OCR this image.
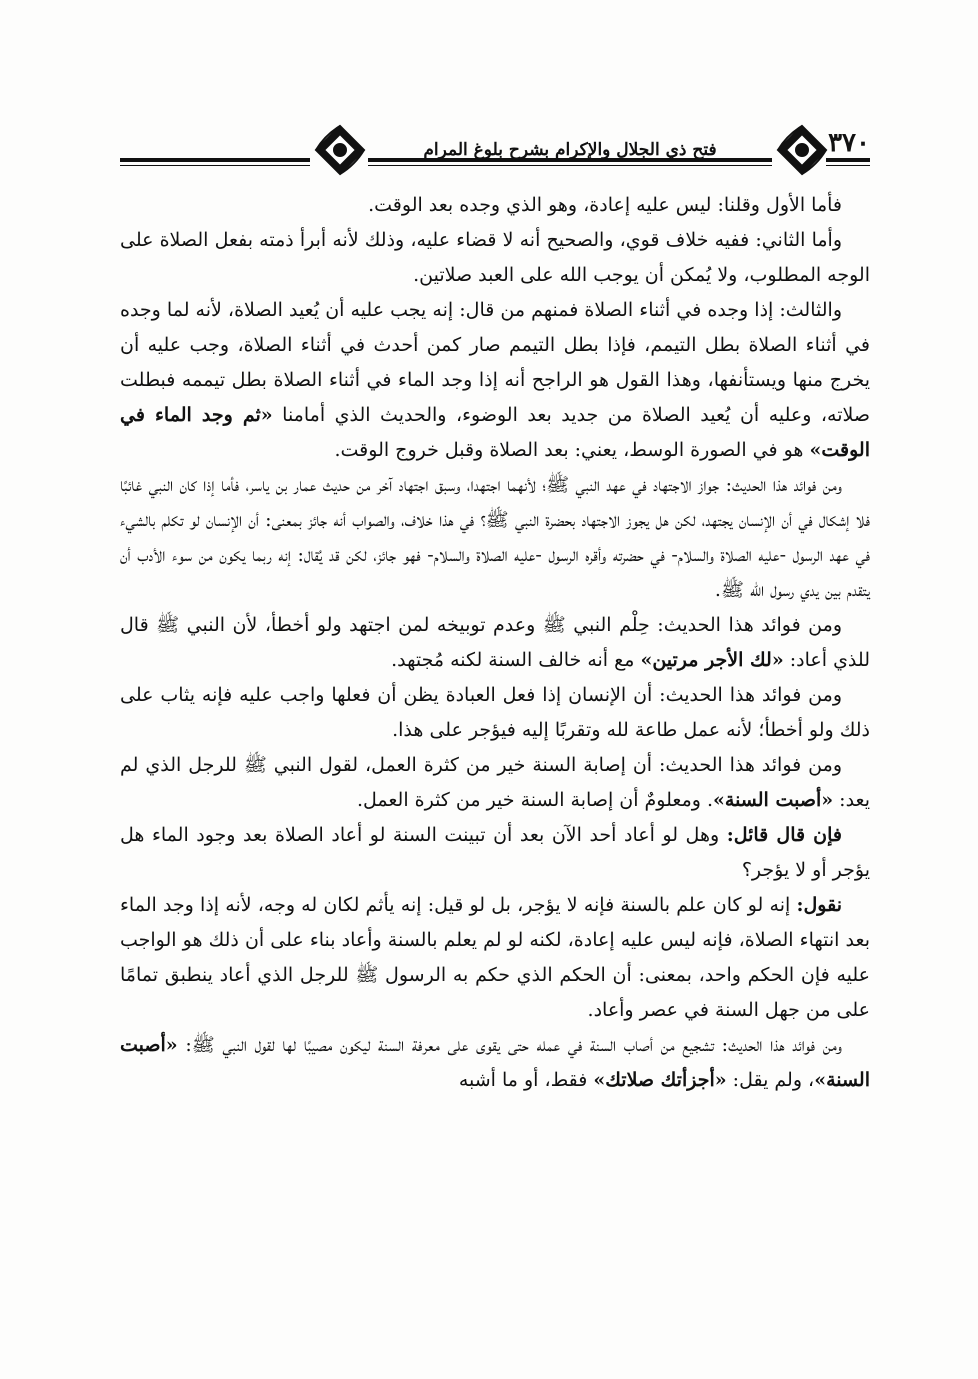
٣٧٠
فتح ذي الجلال والإكرام بشرح بلوغ المرام

فأما الأول وقلنا: ليس عليه إعادة، وهو الذي وجده بعد الوقت.

وأما الثاني: ففيه خلاف قوي، والصحيح أنه لا قضاء عليه، وذلك لأنه أبرأ ذمته بفعل الصلاة على الوجه المطلوب، ولا يُمكن أن يوجب الله على العبد صلاتين.

والثالث: إذا وجده في أثناء الصلاة فمنهم من قال: إنه يجب عليه أن يُعيد الصلاة، لأنه لما وجده في أثناء الصلاة بطل التيمم، فإذا بطل التيمم صار كمن أحدث في أثناء الصلاة، وجب عليه أن يخرج منها ويستأنفها، وهذا القول هو الراجح أنه إذا وجد الماء في أثناء الصلاة بطل تيممه فبطلت صلاته، وعليه أن يُعيد الصلاة من جديد بعد الوضوء، والحديث الذي أمامنا «ثم وجد الماء في الوقت» هو في الصورة الوسط، يعني: بعد الصلاة وقبل خروج الوقت.

ومن فوائد هذا الحديث: جواز الاجتهاد في عهد النبي ﷺ؛ لأنهما اجتهدا، وسبق اجتهاد آخر من حديث عمار بن ياسر، فأما إذا كان النبي غائبًا فلا إشكال في أن الإنسان يجتهد، لكن هل يجوز الاجتهاد بحضرة النبي ﷺ؟ في هذا خلاف، والصواب أنه جائز بمعنى: أن الإنسان لو تكلم بالشيء في عهد الرسول -عليه الصلاة والسلام- في حضرته وأقره الرسول -عليه الصلاة والسلام- فهو جائز، لكن قد يُقال: إنه ربما يكون من سوء الأدب أن يتقدم بين يدي رسول الله ﷺ.

ومن فوائد هذا الحديث: حِلْم النبي ﷺ وعدم توبيخه لمن اجتهد ولو أخطأ، لأن النبي ﷺ قال للذي أعاد: «لك الأجر مرتين» مع أنه خالف السنة لكنه مُجتهد.

ومن فوائد هذا الحديث: أن الإنسان إذا فعل العبادة يظن أن فعلها واجب عليه فإنه يثاب على ذلك ولو أخطأ؛ لأنه عمل طاعة لله وتقربًا إليه فيؤجر على هذا.

ومن فوائد هذا الحديث: أن إصابة السنة خير من كثرة العمل، لقول النبي ﷺ للرجل الذي لم يعد: «أصبت السنة». ومعلومٌ أن إصابة السنة خير من كثرة العمل.

فإن قال قائل: وهل لو أعاد أحد الآن بعد أن تبينت السنة لو أعاد الصلاة بعد وجود الماء هل يؤجر أو لا يؤجر؟

نقول: إنه لو كان علم بالسنة فإنه لا يؤجر، بل لو قيل: إنه يأثم لكان له وجه، لأنه إذا وجد الماء بعد انتهاء الصلاة، فإنه ليس عليه إعادة، لكنه لو لم يعلم بالسنة وأعاد بناء على أن ذلك هو الواجب عليه فإن الحكم واحد، بمعنى: أن الحكم الذي حكم به الرسول ﷺ للرجل الذي أعاد ينطبق تمامًا على من جهل السنة في عصر وأعاد.

ومن فوائد هذا الحديث: تشجيع من أصاب السنة في عمله حتى يقوى على معرفة السنة ليكون مصيبًا لها لقول النبي ﷺ: «أصبت السنة»، ولم يقل: «أجزأتك صلاتك» فقط، أو ما أشبه
